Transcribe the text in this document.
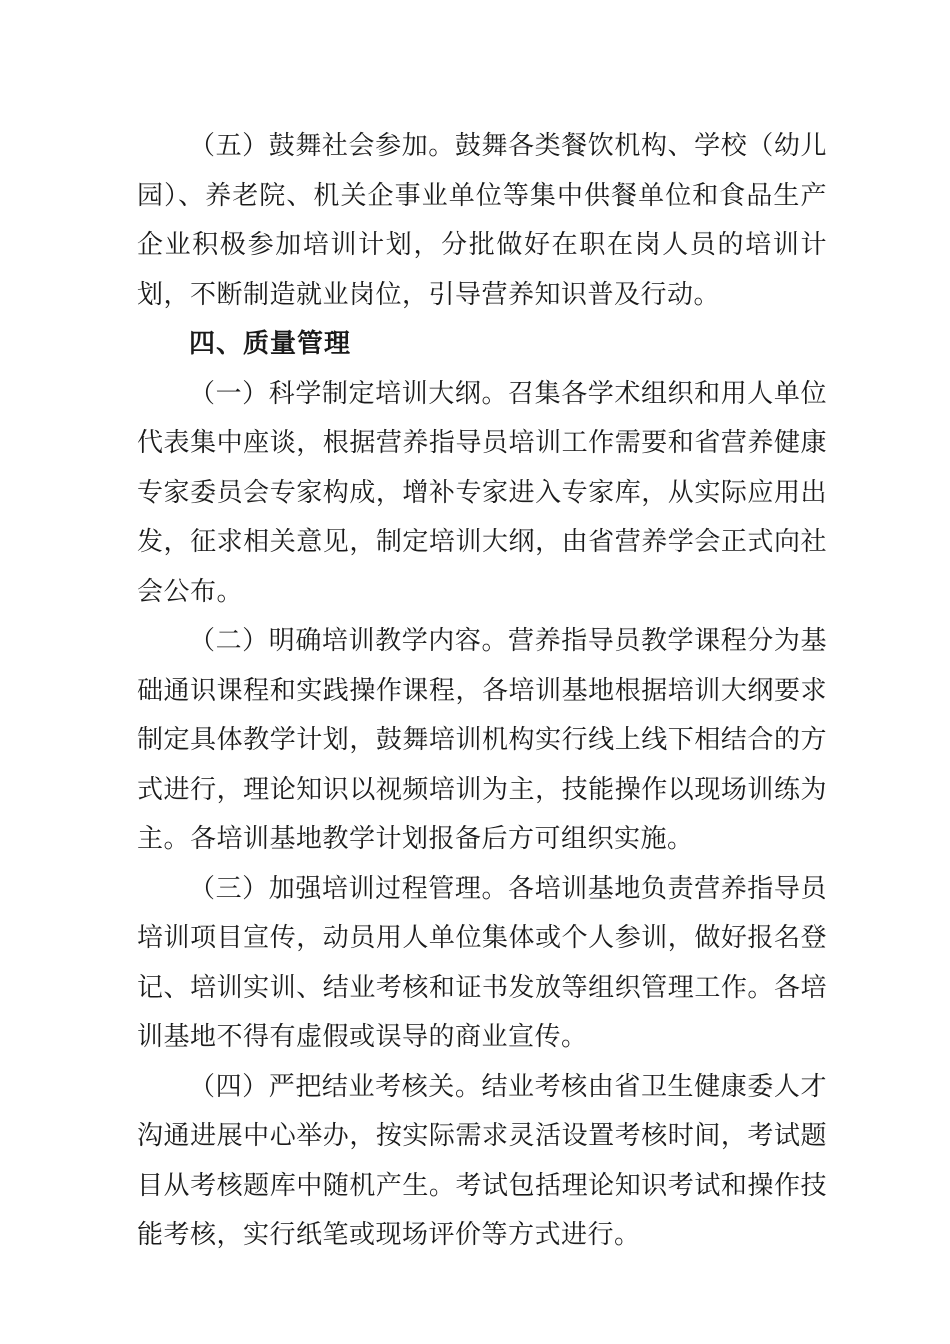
（五）鼓舞社会参加。鼓舞各类餐饮机构、学校（幼儿园）、养老院、机关企事业单位等集中供餐单位和食品生产企业积极参加培训计划，分批做好在职在岗人员的培训计划，不断制造就业岗位，引导营养知识普及行动。

四、质量管理

（一）科学制定培训大纲。召集各学术组织和用人单位代表集中座谈，根据营养指导员培训工作需要和省营养健康专家委员会专家构成，增补专家进入专家库，从实际应用出发，征求相关意见，制定培训大纲，由省营养学会正式向社会公布。

（二）明确培训教学内容。营养指导员教学课程分为基础通识课程和实践操作课程，各培训基地根据培训大纲要求制定具体教学计划，鼓舞培训机构实行线上线下相结合的方式进行，理论知识以视频培训为主，技能操作以现场训练为主。各培训基地教学计划报备后方可组织实施。

（三）加强培训过程管理。各培训基地负责营养指导员培训项目宣传，动员用人单位集体或个人参训，做好报名登记、培训实训、结业考核和证书发放等组织管理工作。各培训基地不得有虚假或误导的商业宣传。

（四）严把结业考核关。结业考核由省卫生健康委人才沟通进展中心举办，按实际需求灵活设置考核时间，考试题目从考核题库中随机产生。考试包括理论知识考试和操作技能考核，实行纸笔或现场评价等方式进行。
